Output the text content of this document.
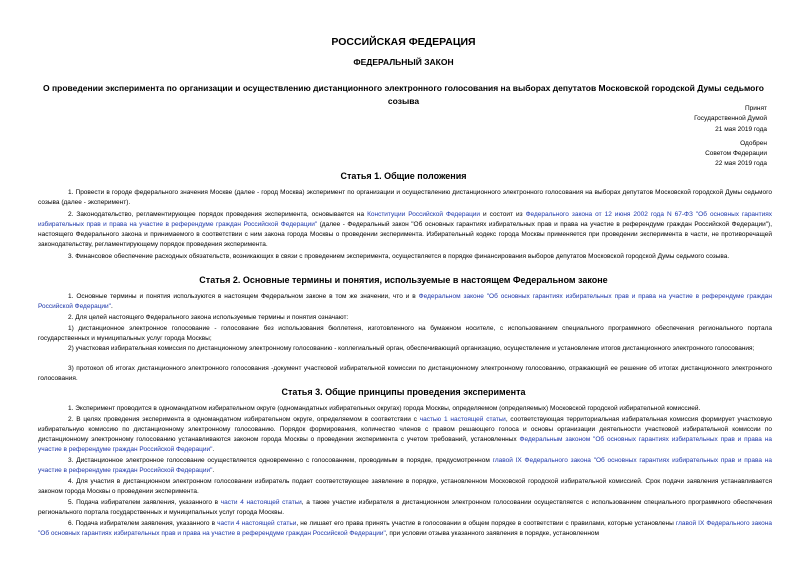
РОССИЙСКАЯ ФЕДЕРАЦИЯ
ФЕДЕРАЛЬНЫЙ ЗАКОН
О проведении эксперимента по организации и осуществлению дистанционного электронного голосования на выборах депутатов Московской городской Думы седьмого созыва
Принят
Государственной Думой
21 мая 2019 года
Одобрен
Советом Федерации
22 мая 2019 года
Статья 1. Общие положения
1. Провести в городе федерального значения Москве (далее - город Москва) эксперимент по организации и осуществлению дистанционного электронного голосования на выборах депутатов Московской городской Думы седьмого созыва (далее - эксперимент).
2. Законодательство, регламентирующее порядок проведения эксперимента, основывается на Конституции Российской Федерации и состоит из Федерального закона от 12 июня 2002 года N 67-ФЗ "Об основных гарантиях избирательных прав и права на участие в референдуме граждан Российской Федерации" (далее - Федеральный закон "Об основных гарантиях избирательных прав и права на участие в референдуме граждан Российской Федерации"), настоящего Федерального закона и принимаемого в соответствии с ним закона города Москвы о проведении эксперимента. Избирательный кодекс города Москвы применяется при проведении эксперимента в части, не противоречащей законодательству, регламентирующему порядок проведения эксперимента.
3. Финансовое обеспечение расходных обязательств, возникающих в связи с проведением эксперимента, осуществляется в порядке финансирования выборов депутатов Московской городской Думы седьмого созыва.
Статья 2. Основные термины и понятия, используемые в настоящем Федеральном законе
1. Основные термины и понятия используются в настоящем Федеральном законе в том же значении, что и в Федеральном законе "Об основных гарантиях избирательных прав и права на участие в референдуме граждан Российской Федерации".
2. Для целей настоящего Федерального закона используемые термины и понятия означают:
1) дистанционное электронное голосование - голосование без использования бюллетеня, изготовленного на бумажном носителе, с использованием специального программного обеспечения регионального портала государственных и муниципальных услуг города Москвы;
2) участковая избирательная комиссия по дистанционному электронному голосованию - коллегиальный орган, обеспечивающий организацию, осуществление и установление итогов дистанционного электронного голосования;
3) протокол об итогах дистанционного электронного голосования -документ участковой избирательной комиссии по дистанционному электронному голосованию, отражающий ее решение об итогах дистанционного электронного голосования.
Статья 3. Общие принципы проведения эксперимента
1. Эксперимент проводится в одномандатном избирательном округе (одномандатных избирательных округах) города Москвы, определяемом (определяемых) Московской городской избирательной комиссией.
2. В целях проведения эксперимента в одномандатном избирательном округе, определяемом в соответствии с частью 1 настоящей статьи, соответствующая территориальная избирательная комиссия формирует участковую избирательную комиссию по дистанционному электронному голосованию. Порядок формирования, количество членов с правом решающего голоса и основы организации деятельности участковой избирательной комиссии по дистанционному электронному голосованию устанавливаются законом города Москвы о проведении эксперимента с учетом требований, установленных Федеральным законом "Об основных гарантиях избирательных прав и права на участие в референдуме граждан Российской Федерации".
3. Дистанционное электронное голосование осуществляется одновременно с голосованием, проводимым в порядке, предусмотренном главой IX Федерального закона "Об основных гарантиях избирательных прав и права на участие в референдуме граждан Российской Федерации".
4. Для участия в дистанционном электронном голосовании избиратель подает соответствующее заявление в порядке, установленном Московской городской избирательной комиссией. Срок подачи заявления устанавливается законом города Москвы о проведении эксперимента.
5. Подача избирателем заявления, указанного в части 4 настоящей статьи, а также участие избирателя в дистанционном электронном голосовании осуществляется с использованием специального программного обеспечения регионального портала государственных и муниципальных услуг города Москвы.
6. Подача избирателем заявления, указанного в части 4 настоящей статьи, не лишает его права принять участие в голосовании в общем порядке в соответствии с правилами, которые установлены главой IX Федерального закона "Об основных гарантиях избирательных прав и права на участие в референдуме граждан Российской Федерации", при условии отзыва указанного заявления в порядке, установленном
